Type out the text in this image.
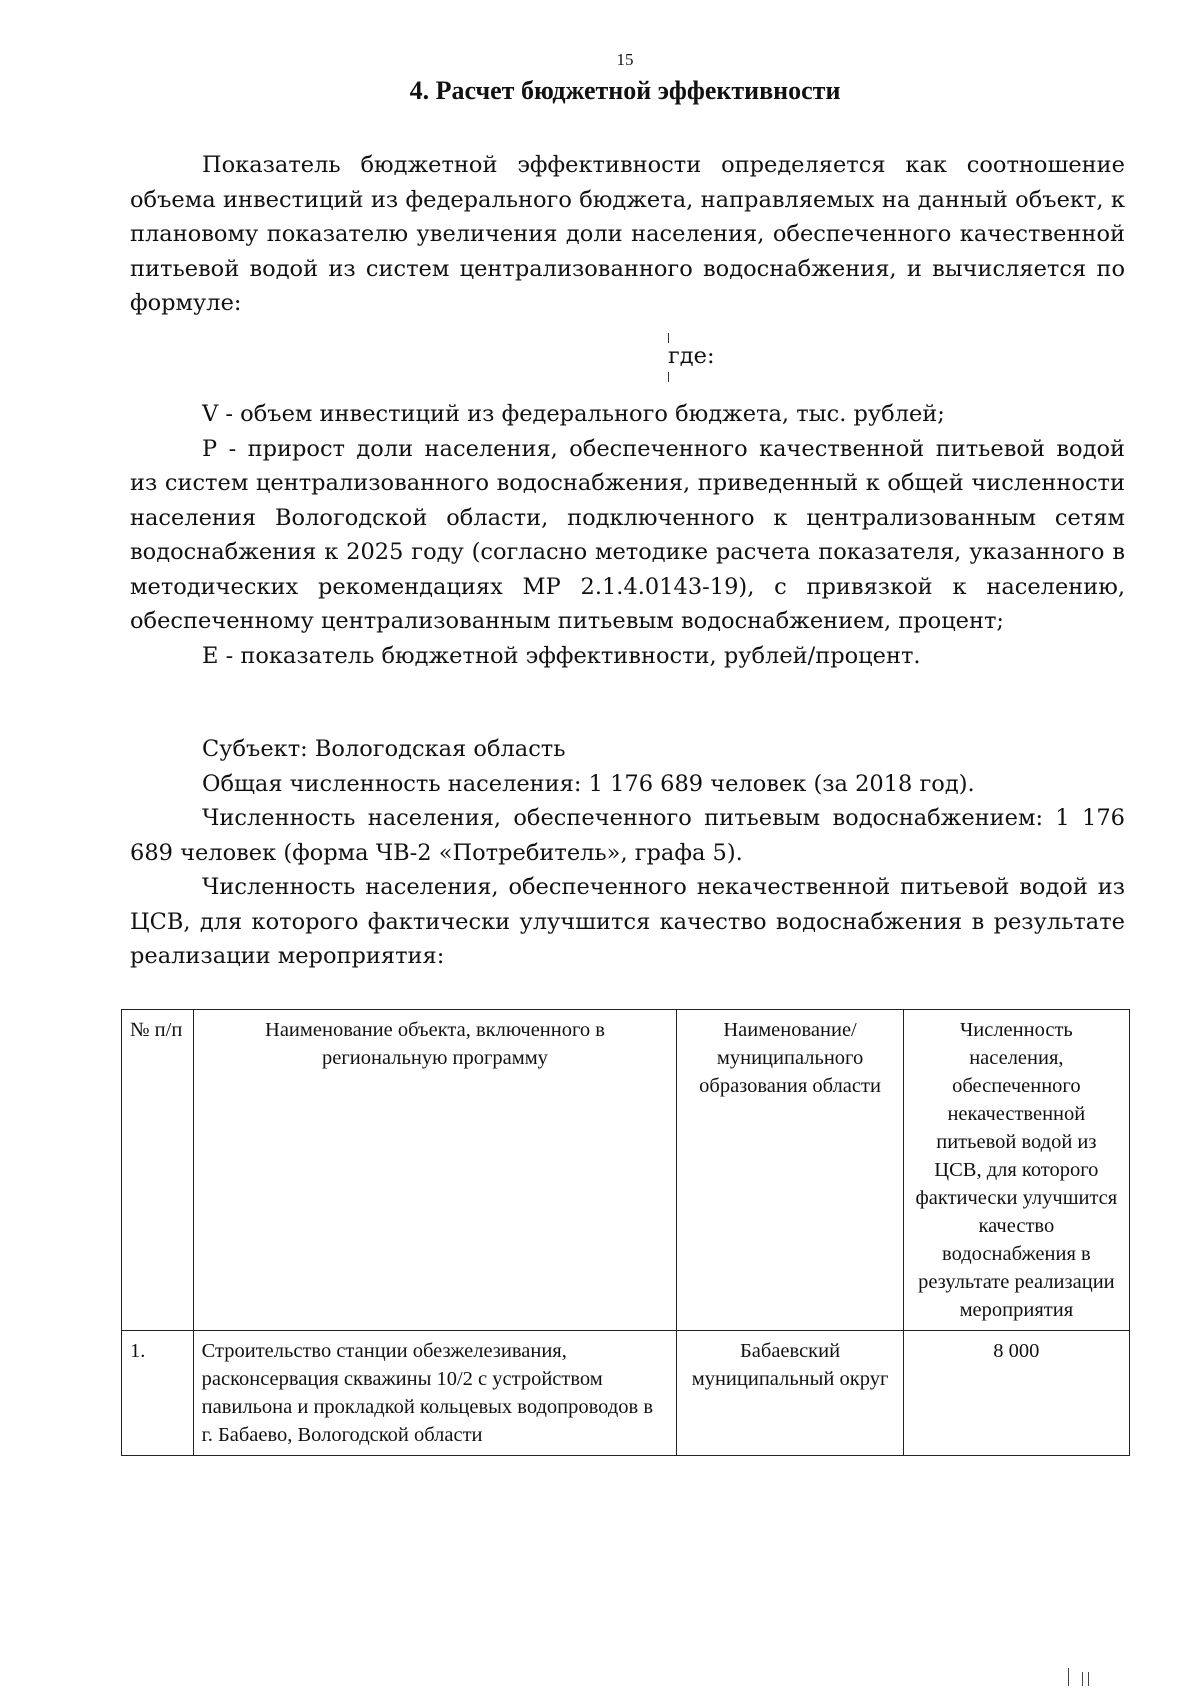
15
4. Расчет бюджетной эффективности

Показатель бюджетной эффективности определяется как соотношение объема инвестиций из федерального бюджета, направляемых на данный объект, к плановому показателю увеличения доли населения, обеспеченного качественной питьевой водой из систем централизованного водоснабжения, и вычисляется по формуле:

где:

V - объем инвестиций из федерального бюджета, тыс. рублей;

P - прирост доли населения, обеспеченного качественной питьевой водой из систем централизованного водоснабжения, приведенный к общей численности населения Вологодской области, подключенного к централизованным сетям водоснабжения к 2025 году (согласно методике расчета показателя, указанного в методических рекомендациях МР 2.1.4.0143-19), с привязкой к населению, обеспеченному централизованным питьевым водоснабжением, процент;

E - показатель бюджетной эффективности, рублей/процент.

Субъект: Вологодская область

Общая численность населения: 1 176 689 человек (за 2018 год).

Численность населения, обеспеченного питьевым водоснабжением: 1 176 689 человек (форма ЧВ-2 «Потребитель», графа 5).

Численность населения, обеспеченного некачественной питьевой водой из ЦСВ, для которого фактически улучшится качество водоснабжения в результате реализации мероприятия:

№ п/п	Наименование объекта, включенного в региональную программу	Наименование/ муниципального образования области	Численность населения, обеспеченного некачественной питьевой водой из ЦСВ, для которого фактически улучшится качество водоснабжения в результате реализации мероприятия
1.	Строительство станции обезжелезивания, расконсервация скважины 10/2 с устройством павильона и прокладкой кольцевых водопроводов в г. Бабаево, Вологодской области	Бабаевский муниципальный округ	8 000
